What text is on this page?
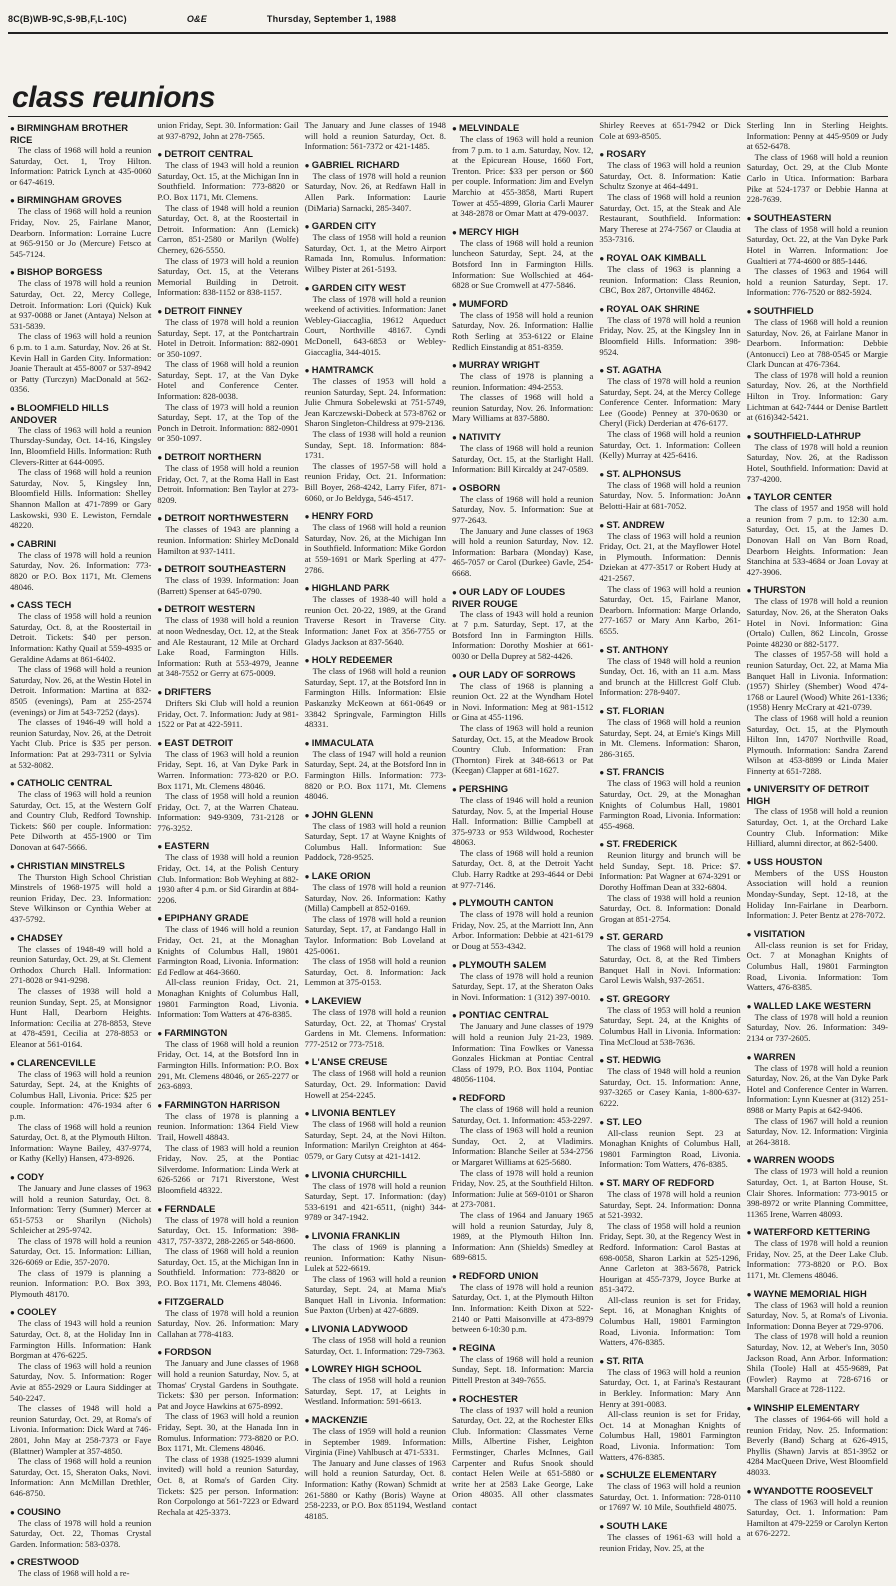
8C(B)WB-9C,S-9B,F,L-10C)	O&E	Thursday, September 1, 1988
class reunions
● BIRMINGHAM BROTHER RICE

The class of 1968 will hold a reunion Saturday, Oct. 1, Troy Hilton. Information: Patrick Lynch at 435-0060 or 647-4619.

● BIRMINGHAM GROVES

The class of 1968 will hold a reunion Friday, Nov. 25, Fairlane Manor, Dearborn. Information: Lorraine Lucre at 965-9150 or Jo (Mercure) Fetsco at 545-7124.

● BISHOP BORGESS

The class of 1978 will hold a reunion Saturday, Oct. 22, Mercy College, Detroit. Information: Lori (Quick) Kuk at 937-0088 or Janet (Antaya) Nelson at 531-5839.

The class of 1963 will hold a reunion 6 p.m. to 1 a.m. Saturday, Nov. 26 at St. Kevin Hall in Garden City. Information: Joanie Therault at 455-8007 or 537-8942 or Patty (Turczyn) MacDonald at 562-0356.

● BLOOMFIELD HILLS ANDOVER

The class of 1963 will hold a reunion Thursday-Sunday, Oct. 14-16, Kingsley Inn, Bloomfield Hills. Information: Ruth Clevers-Ritter at 644-0095.

The class of 1968 will hold a reunion Saturday, Nov. 5, Kingsley Inn, Bloomfield Hills. Information: Shelley Shannon Mallon at 471-7899 or Gary Laskowski, 930 E. Lewiston, Ferndale 48220.

● CABRINI

The class of 1978 will hold a reunion Saturday, Nov. 26. Information: 773-8820 or P.O. Box 1171, Mt. Clemens 48046.

● CASS TECH

The class of 1958 will hold a reunion Saturday, Oct. 8, at the Roostertail in Detroit. Tickets: $40 per person. Information: Kathy Quail at 559-4935 or Geraldine Adams at 861-6402.

The class of 1968 will hold a reunion Saturday, Nov. 26, at the Westin Hotel in Detroit. Information: Martina at 832-8505 (evenings), Pam at 255-2574 (evenings) or Jim at 543-7252 (days).

The classes of 1946-49 will hold a reunion Saturday, Nov. 26, at the Detroit Yacht Club. Price is $35 per person. Information: Pat at 293-7311 or Sylvia at 532-8082.

● CATHOLIC CENTRAL

The class of 1963 will hold a reunion Saturday, Oct. 15, at the Western Golf and Country Club, Redford Township. Tickets: $60 per couple. Information: Pete Dilworth at 455-1900 or Tim Donovan at 647-5666.

● CHRISTIAN MINSTRELS

The Thurston High School Christian Minstrels of 1968-1975 will hold a reunion Friday, Dec. 23. Information: Steve Wilkinson or Cynthia Weber at 437-5792.

● CHADSEY

The classes of 1948-49 will hold a reunion Saturday, Oct. 29, at St. Clement Orthodox Church Hall. Information: 271-8028 or 941-9298.

The classes of 1938 will hold a reunion Sunday, Sept. 25, at Monsignor Hunt Hall, Dearborn Heights. Information: Cecilia at 278-8853, Steve at 478-4591, Cecilia at 278-8853 or Eleanor at 561-0164.

● CLARENCEVILLE

The class of 1963 will hold a reunion Saturday, Sept. 24, at the Knights of Columbus Hall, Livonia. Price: $25 per couple. Information: 476-1934 after 6 p.m.

The class of 1968 will hold a reunion Saturday, Oct. 8, at the Plymouth Hilton. Information: Wayne Bailey, 437-9774, or Kathy (Kelly) Hansen, 473-8926.

● CODY

The January and June classes of 1963 will hold a reunion Saturday, Oct. 8. Information: Terry (Sumner) Mercer at 651-5753 or Sharilyn (Nichols) Schleicher at 295-9742.

The class of 1978 will hold a reunion Saturday, Oct. 15. Information: Lillian, 326-6069 or Edie, 357-2070.

The class of 1979 is planning a reunion. Information: P.O. Box 393, Plymouth 48170.

● COOLEY

The class of 1943 will hold a reunion Saturday, Oct. 8, at the Holiday Inn in Farmington Hills. Information: Hank Borgman at 476-6225.

The class of 1963 will hold a reunion Saturday, Nov. 5. Information: Roger Avie at 855-2929 or Laura Siddinger at 540-2247.

The classes of 1948 will hold a reunion Saturday, Oct. 29, at Roma's of Livonia. Information: Dick Ward at 746-2801, John May at 258-7373 or Faye (Blattner) Wampler at 357-4850.

The class of 1968 will hold a reunion Saturday, Oct. 15, Sheraton Oaks, Novi. Information: Ann McMillan Drethler, 646-8750.

● COUSINO

The class of 1978 will hold a reunion Saturday, Oct. 22, Thomas Crystal Garden. Information: 583-0378.

● CRESTWOOD

The class of 1968 will hold a re-

union Friday, Sept. 30. Information: Gail at 937-8792, John at 278-7565.

● DETROIT CENTRAL

The class of 1943 will hold a reunion Saturday, Oct. 15, at the Michigan Inn in Southfield. Information: 773-8820 or P.O. Box 1171, Mt. Clemens.

The class of 1948 will hold a reunion Saturday, Oct. 8, at the Roostertail in Detroit. Information: Ann (Lemick) Carron, 851-2580 or Marilyn (Wolfe) Cherney, 626-5550.

The class of 1973 will hold a reunion Saturday, Oct. 15, at the Veterans Memorial Building in Detroit. Information: 838-1152 or 838-1157.

● DETROIT FINNEY

The class of 1978 will hold a reunion Saturday, Sept. 17, at the Pontchartrain Hotel in Detroit. Information: 882-0901 or 350-1097.

The class of 1968 will hold a reunion Saturday, Sept. 17, at the Van Dyke Hotel and Conference Center. Information: 828-0038.

The class of 1973 will hold a reunion Saturday, Sept. 17, at the Top of the Ponch in Detroit. Information: 882-0901 or 350-1097.

● DETROIT NORTHERN

The class of 1958 will hold a reunion Friday, Oct. 7, at the Roma Hall in East Detroit. Information: Ben Taylor at 273-8209.

● DETROIT NORTHWESTERN

The classes of 1943 are planning a reunion. Information: Shirley McDonald Hamilton at 937-1411.

● DETROIT SOUTHEASTERN

The class of 1939. Information: Joan (Barrett) Spenser at 645-0790.

● DETROIT WESTERN

The class of 1938 will hold a reunion at noon Wednesday, Oct. 12, at the Steak and Ale Restaurant, 12 Mile at Orchard Lake Road, Farmington Hills. Information: Ruth at 553-4979, Jeanne at 348-7552 or Gerry at 675-0009.

● DRIFTERS

Drifters Ski Club will hold a reunion Friday, Oct. 7. Information: Judy at 981-1522 or Pat at 422-5911.

● EAST DETROIT

The class of 1963 will hold a reunion Friday, Sept. 16, at Van Dyke Park in Warren. Information: 773-820 or P.O. Box 1171, Mt. Clemens 48046.

The class of 1958 will hold a reunion Friday, Oct. 7, at the Warren Chateau. Information: 949-9309, 731-2128 or 776-3252.

● EASTERN

The class of 1938 will hold a reunion Friday, Oct. 14, at the Polish Century Club. Information: Bob Weyhing at 882-1930 after 4 p.m. or Sid Girardin at 884-2206.

● EPIPHANY GRADE

The class of 1946 will hold a reunion Friday, Oct. 21, at the Monaghan Knights of Columbus Hall, 19801 Farmington Road, Livonia. Information: Ed Fedlow at 464-3660.

All-class reunion Friday, Oct. 21, Monaghan Knights of Columbus Hall, 19801 Farmington Road, Livonia. Information: Tom Watters at 476-8385.

● FARMINGTON

The class of 1968 will hold a reunion Friday, Oct. 14, at the Botsford Inn in Farmington Hills. Information: P.O. Box 291, Mt. Clemens 48046, or 265-2277 or 263-6893.

● FARMINGTON HARRISON

The class of 1978 is planning a reunion. Information: 1364 Field View Trail, Howell 48843.

The class of 1983 will hold a reunion Friday, Nov. 25, at the Pontiac Silverdome. Information: Linda Werk at 626-5266 or 7171 Riverstone, West Bloomfield 48322.

● FERNDALE

The class of 1978 will hold a reunion Saturday, Oct. 15. Information: 398-4317, 757-3372, 288-2265 or 548-8600.

The class of 1968 will hold a reunion Saturday, Oct. 15, at the Michigan Inn in Southfield. Information: 773-8820 or P.O. Box 1171, Mt. Clemens 48046.

● FITZGERALD

The class of 1978 will hold a reunion Saturday, Nov. 26. Information: Mary Callahan at 778-4183.

● FORDSON

The January and June classes of 1968 will hold a reunion Saturday, Nov. 5, at Thomas' Crystal Gardens in Southgate. Tickets: $30 per person. Information: Pat and Joyce Hawkins at 675-8992.

The class of 1963 will hold a reunion Friday, Sept. 30, at the Hanada Inn in Romulus. Information: 773-8820 or P.O. Box 1171, Mt. Clemens 48046.

The class of 1938 (1925-1939 alumni invited) will hold a reunion Saturday, Oct. 8, at Roma's of Garden City. Tickets: $25 per person. Information: Ron Corpolongo at 561-7223 or Edward Rechala at 425-3373.

The January and June classes of 1948 will hold a reunion Saturday, Oct. 8. Information: 561-7372 or 421-1485.

● GABRIEL RICHARD

The class of 1978 will hold a reunion Saturday, Nov. 26, at Redfawn Hall in Allen Park. Information: Laurie (DiMaria) Sarnacki, 285-3407.

● GARDEN CITY

The class of 1958 will hold a reunion Saturday, Oct. 1, at the Metro Airport Ramada Inn, Romulus. Information: Wilbey Pister at 261-5193.

● GARDEN CITY WEST

The class of 1978 will hold a reunion weekend of activities. Information: Janet Webley-Giaccaglia, 19612 Aqueduct Court, Northville 48167. Cyndi McDonell, 643-6853 or Webley-Giaccaglia, 344-4015.

● HAMTRAMCK

The classes of 1953 will hold a reunion Saturday, Sept. 24. Information: Julie Chmura Sobelewski at 751-5749, Jean Karczewski-Dobeck at 573-8762 or Sharon Singleton-Childress at 979-2136.

The class of 1938 will hold a reunion Sunday, Sept. 18. Information: 884-1731.

The classes of 1957-58 will hold a reunion Friday, Oct. 21. Information: Bill Boyer, 268-4242, Larry Fifer, 871-6060, or Jo Beldyga, 546-4517.

● HENRY FORD

The class of 1968 will hold a reunion Saturday, Nov. 26, at the Michigan Inn in Southfield. Information: Mike Gordon at 559-1691 or Mark Sperling at 477-2786.

● HIGHLAND PARK

The classes of 1938-40 will hold a reunion Oct. 20-22, 1989, at the Grand Traverse Resort in Traverse City. Information: Janet Fox at 356-7755 or Gladys Jackson at 837-5640.

● HOLY REDEEMER

The class of 1968 will hold a reunion Saturday, Sept. 17, at the Botsford Inn in Farmington Hills. Information: Elsie Paskanzky McKeown at 661-0649 or 33842 Springvale, Farmington Hills 48331.

● IMMACULATA

The class of 1947 will hold a reunion Saturday, Sept. 24, at the Botsford Inn in Farmington Hills. Information: 773-8820 or P.O. Box 1171, Mt. Clemens 48046.

● JOHN GLENN

The class of 1983 will hold a reunion Saturday, Sept. 17 at Wayne Knights of Columbus Hall. Information: Sue Paddock, 728-9525.

● LAKE ORION

The class of 1978 will hold a reunion Saturday, Nov. 26. Information: Kathy (Milla) Campbell at 852-0169.

The class of 1978 will hold a reunion Saturday, Sept. 17, at Fandango Hall in Taylor. Information: Bob Loveland at 425-0061.

The class of 1958 will hold a reunion Saturday, Oct. 8. Information: Jack Lemmon at 375-0153.

● LAKEVIEW

The class of 1978 will hold a reunion Saturday, Oct. 22, at Thomas' Crystal Gardens in Mt. Clemens. Information: 777-2512 or 773-7518.

● L'ANSE CREUSE

The class of 1968 will hold a reunion Saturday, Oct. 29. Information: David Howell at 254-2245.

● LIVONIA BENTLEY

The class of 1968 will hold a reunion Saturday, Sept. 24, at the Novi Hilton. Information: Marilyn Creighton at 464-0579, or Gary Cutsy at 421-1412.

● LIVONIA CHURCHILL

The class of 1978 will hold a reunion Saturday, Sept. 17. Information: (day) 533-6191 and 421-6511, (night) 344-9789 or 347-1942.

● LIVONIA FRANKLIN

The class of 1969 is planning a reunion. Information: Kathy Nisun-Lulek at 522-6619.

The class of 1963 will hold a reunion Saturday, Sept. 24, at Mama Mia's Banquet Hall in Livonia. Information: Sue Paxton (Urben) at 427-6889.

● LIVONIA LADYWOOD

The class of 1958 will hold a reunion Saturday, Oct. 1. Information: 729-7363.

● LOWREY HIGH SCHOOL

The class of 1958 will hold a reunion Saturday, Sept. 17, at Leights in Westland. Information: 591-6613.

● MACKENZIE

The class of 1959 will hold a reunion in September 1989. Information: Virginia (Fine) Vahlbusch at 471-5331.

The January and June classes of 1963 will hold a reunion Saturday, Oct. 8. Information: Kathy (Rowan) Schmidt at 261-5880 or Kathy (Boris) Wayne at 258-2233, or P.O. Box 851194, Westland 48185.

● MELVINDALE

The class of 1963 will hold a reunion from 7 p.m. to 1 a.m. Saturday, Nov. 12, at the Epicurean House, 1660 Fort, Trenton. Price: $33 per person or $60 per couple. Information: Jim and Evelyn Marchio at 455-3858, Marti Rupert Tower at 455-4899, Gloria Carli Maurer at 348-2878 or Omar Matt at 479-0037.

● MERCY HIGH

The class of 1968 will hold a reunion luncheon Saturday, Sept. 24, at the Botsford Inn in Farmington Hills. Information: Sue Wollschied at 464-6828 or Sue Cromwell at 477-5846.

● MUMFORD

The class of 1958 will hold a reunion Saturday, Nov. 26. Information: Hallie Roth Serling at 353-6122 or Elaine Redlich Einstandig at 851-8359.

● MURRAY WRIGHT

The class of 1978 is planning a reunion. Information: 494-2553.

The classes of 1968 will hold a reunion Saturday, Nov. 26. Information: Mary Williams at 837-5880.

● NATIVITY

The class of 1968 will hold a reunion Saturday, Oct. 15, at the Starlight Hall. Information: Bill Kircaldy at 247-0589.

● OSBORN

The class of 1968 will hold a reunion Saturday, Nov. 5. Information: Sue at 977-2643.

The January and June classes of 1963 will hold a reunion Saturday, Nov. 12. Information: Barbara (Monday) Kase, 465-7057 or Carol (Durkee) Gavle, 254-6668.

● OUR LADY OF LOUDES RIVER ROUGE

The class of 1943 will hold a reunion at 7 p.m. Saturday, Sept. 17, at the Botsford Inn in Farmington Hills. Information: Dorothy Moshier at 661-0030 or Della Duprey at 582-4426.

● OUR LADY OF SORROWS

The class of 1968 is planning a reunion Oct. 22 at the Wyndham Hotel in Novi. Information: Meg at 981-1512 or Gina at 455-1196.

The class of 1963 will hold a reunion Saturday, Oct. 15, at the Meadow Brook Country Club. Information: Fran (Thornton) Firek at 348-6613 or Pat (Keegan) Clapper at 681-1627.

● PERSHING

The class of 1946 will hold a reunion Saturday, Nov. 5, at the Imperial House Hall. Information: Billie Campbell at 375-9733 or 953 Wildwood, Rochester 48063.

The class of 1968 will hold a reunion Saturday, Oct. 8, at the Detroit Yacht Club. Harry Radtke at 293-4644 or Debi at 977-7146.

● PLYMOUTH CANTON

The class of 1978 will hold a reunion Friday, Nov. 25, at the Marriott Inn, Ann Arbor. Information: Debbie at 421-6179 or Doug at 553-4342.

● PLYMOUTH SALEM

The class of 1978 will hold a reunion Saturday, Sept. 17, at the Sheraton Oaks in Novi. Information: 1 (312) 397-0010.

● PONTIAC CENTRAL

The January and June classes of 1979 will hold a reunion July 21-23, 1989. Information: Tina Fowlkes or Vanessa Gonzales Hickman at Pontiac Central Class of 1979, P.O. Box 1104, Pontiac 48056-1104.

● REDFORD

The class of 1968 will hold a reunion Saturday, Oct. 1. Information: 453-2297.

The class of 1963 will hold a reunion Sunday, Oct. 2, at Vladimirs. Information: Blanche Seiler at 534-2756 or Margaret Williams at 625-5680.

The class of 1978 will hold a reunion Friday, Nov. 25, at the Southfield Hilton. Information: Julie at 569-0101 or Sharon at 273-7081.

The class of 1964 and January 1965 will hold a reunion Saturday, July 8, 1989, at the Plymouth Hilton Inn. Information: Ann (Shields) Smedley at 689-6815.

● REDFORD UNION

The class of 1978 will hold a reunion Saturday, Oct. 1, at the Plymouth Hilton Inn. Information: Keith Dixon at 522-2140 or Patti Maisonville at 473-8979 between 6-10:30 p.m.

● REGINA

The class of 1968 will hold a reunion Sunday, Sept. 18. Information: Marcia Pittell Preston at 349-7655.

● ROCHESTER

The class of 1937 will hold a reunion Saturday, Oct. 22, at the Rochester Elks Club. Information: Classmates Verne Mills, Albertine Fisher, Leighton Fermstinger, Charles McInnes, Gail Carpenter and Rufus Snook should contact Helen Weile at 651-5880 or write her at 2583 Lake George, Lake Orion 48035. All other classmates contact

Shirley Reeves at 651-7942 or Dick Cole at 693-8505.

● ROSARY

The class of 1963 will hold a reunion Saturday, Oct. 8. Information: Katie Schultz Szonye at 464-4491.

The class of 1968 will hold a reunion Saturday, Oct. 15, at the Steak and Ale Restaurant, Southfield. Information: Mary Therese at 274-7567 or Claudia at 353-7316.

● ROYAL OAK KIMBALL

The class of 1963 is planning a reunion. Information: Class Reunion, CBC, Box 287, Ortonville 48462.

● ROYAL OAK SHRINE

The class of 1978 will hold a reunion Friday, Nov. 25, at the Kingsley Inn in Bloomfield Hills. Information: 398-9524.

● ST. AGATHA

The class of 1978 will hold a reunion Saturday, Sept. 24, at the Mercy College Conference Center. Information: Mary Lee (Goode) Penney at 370-0630 or Cheryl (Fick) Derderian at 476-6177.

The class of 1968 will hold a reunion Saturday, Oct. 1. Information: Colleen (Kelly) Murray at 425-6416.

● ST. ALPHONSUS

The class of 1968 will hold a reunion Saturday, Nov. 5. Information: JoAnn Belotti-Hair at 681-7052.

● ST. ANDREW

The class of 1963 will hold a reunion Friday, Oct. 21, at the Mayflower Hotel in Plymouth. Information: Dennis Dziekan at 477-3517 or Robert Hudy at 421-2567.

The class of 1963 will hold a reunion Saturday, Oct. 15, Fairlane Manor, Dearborn. Information: Marge Orlando, 277-1657 or Mary Ann Karbo, 261-6555.

● ST. ANTHONY

The class of 1948 will hold a reunion Sunday, Oct. 16, with an 11 a.m. Mass and brunch at the Hillcrest Golf Club. Information: 278-9407.

● ST. FLORIAN

The class of 1968 will hold a reunion Saturday, Sept. 24, at Ernie's Kings Mill in Mt. Clemens. Information: Sharon, 286-3165.

● ST. FRANCIS

The class of 1963 will hold a reunion Saturday, Oct. 29, at the Monaghan Knights of Columbus Hall, 19801 Farmington Road, Livonia. Information: 455-4968.

● ST. FREDERICK

Reunion liturgy and brunch will be held Sunday, Sept. 18. Price: $7. Information: Pat Wagner at 674-3291 or Dorothy Hoffman Dean at 332-6804.

The class of 1938 will hold a reunion Saturday, Oct. 8. Information: Donald Grogan at 851-2754.

● ST. GERARD

The class of 1968 will hold a reunion Saturday, Oct. 8, at the Red Timbers Banquet Hall in Novi. Information: Carol Lewis Walsh, 937-2651.

● ST. GREGORY

The class of 1953 will hold a reunion Saturday, Sept. 24, at the Knights of Columbus Hall in Livonia. Information: Tina McCloud at 538-7636.

● ST. HEDWIG

The class of 1948 will hold a reunion Saturday, Oct. 15. Information: Anne, 937-3265 or Casey Kania, 1-800-637-6222.

● ST. LEO

All-class reunion Sept. 23 at Monaghan Knights of Columbus Hall, 19801 Farmington Road, Livonia. Information: Tom Watters, 476-8385.

● ST. MARY OF REDFORD

The class of 1978 will hold a reunion Saturday, Sept. 24. Information: Donna at 521-3932.

The class of 1958 will hold a reunion Friday, Sept. 30, at the Regency West in Redford. Information: Carol Bastas at 698-0058, Sharon Larkin at 525-1296, Anne Carleton at 383-5678, Patrick Hourigan at 455-7379, Joyce Burke at 851-3472.

All-class reunion is set for Friday, Sept. 16, at Monaghan Knights of Columbus Hall, 19801 Farmington Road, Livonia. Information: Tom Watters, 476-8385.

● ST. RITA

The class of 1963 will hold a reunion Saturday, Oct. 1, at Farina's Restaurant in Berkley. Information: Mary Ann Henry at 391-0083.

All-class reunion is set for Friday, Oct. 14 at Monaghan Knights of Columbus Hall, 19801 Farmington Road, Livonia. Information: Tom Watters, 476-8385.

● SCHULZE ELEMENTARY

The class of 1963 will hold a reunion Saturday, Oct. 1. Information: 728-0110 or 17697 W. 10 Mile, Southfield 48075.

● SOUTH LAKE

The classes of 1961-63 will hold a reunion Friday, Nov. 25, at the

Sterling Inn in Sterling Heights. Information: Penny at 445-9509 or Judy at 652-6478.

The class of 1968 will hold a reunion Saturday, Oct. 29, at the Club Monte Carlo in Utica. Information: Barbara Pike at 524-1737 or Debbie Hanna at 228-7639.

● SOUTHEASTERN

The class of 1958 will hold a reunion Saturday, Oct. 22, at the Van Dyke Park Hotel in Warren. Information: Joe Gualtieri at 774-4600 or 885-1446.

The classes of 1963 and 1964 will hold a reunion Saturday, Sept. 17. Information: 776-7520 or 882-5924.

● SOUTHFIELD

The class of 1968 will hold a reunion Saturday, Nov. 26, at Fairlane Manor in Dearborn. Information: Debbie (Antonucci) Leo at 788-0545 or Margie Clark Duncan at 476-7364.

The class of 1978 will hold a reunion Saturday, Nov. 26, at the Northfield Hilton in Troy. Information: Gary Lichtman at 642-7444 or Denise Bartlett at (616)342-5421.

● SOUTHFIELD-LATHRUP

The class of 1978 will hold a reunion Saturday, Nov. 26, at the Radisson Hotel, Southfield. Information: David at 737-4200.

● TAYLOR CENTER

The class of 1957 and 1958 will hold a reunion from 7 p.m. to 12:30 a.m. Saturday, Oct. 15, at the James D. Donovan Hall on Van Born Road, Dearborn Heights. Information: Jean Stanchina at 533-4684 or Joan Lovay at 427-3906.

● THURSTON

The class of 1978 will hold a reunion Saturday, Nov. 26, at the Sheraton Oaks Hotel in Novi. Information: Gina (Ortalo) Cullen, 862 Lincoln, Grosse Pointe 48230 or 882-5177.

The classes of 1957-58 will hold a reunion Saturday, Oct. 22, at Mama Mia Banquet Hall in Livonia. Information: (1957) Shirley (Shember) Wood 474-1768 or Laurel (Wood) White 261-1336; (1958) Henry McCrary at 421-0739.

The class of 1968 will hold a reunion Saturday, Oct. 15, at the Plymouth Hilton Inn, 14707 Northville Road, Plymouth. Information: Sandra Zarend Wilson at 453-8899 or Linda Maier Finnerty at 651-7288.

● UNIVERSITY OF DETROIT HIGH

The class of 1958 will hold a reunion Saturday, Oct. 1, at the Orchard Lake Country Club. Information: Mike Hilliard, alumni director, at 862-5400.

● USS HOUSTON

Members of the USS Houston Association will hold a reunion Monday-Sunday, Sept. 12-18, at the Holiday Inn-Fairlane in Dearborn. Information: J. Peter Bentz at 278-7072.

● VISITATION

All-class reunion is set for Friday, Oct. 7 at Monaghan Knights of Columbus Hall, 19801 Farmington Road, Livonia. Information: Tom Watters, 476-8385.

● WALLED LAKE WESTERN

The class of 1978 will hold a reunion Saturday, Nov. 26. Information: 349-2134 or 737-2605.

● WARREN

The class of 1978 will hold a reunion Saturday, Nov. 26, at the Van Dyke Park Hotel and Conference Center in Warren. Information: Lynn Kuesner at (312) 251-8988 or Marty Papis at 642-9406.

The class of 1967 will hold a reunion Saturday, Nov. 12. Information: Virginia at 264-3818.

● WARREN WOODS

The class of 1973 will hold a reunion Saturday, Oct. 1, at Barton House, St. Clair Shores. Information: 773-9015 or 398-8972 or write Planning Committee, 11365 Irene, Warren 48093.

● WATERFORD KETTERING

The class of 1978 will hold a reunion Friday, Nov. 25, at the Deer Lake Club. Information: 773-8820 or P.O. Box 1171, Mt. Clemens 48046.

● WAYNE MEMORIAL HIGH

The class of 1963 will hold a reunion Saturday, Nov. 5, at Roma's of Livonia. Information: Donna Beyer at 729-9706.

The class of 1978 will hold a reunion Saturday, Nov. 12, at Weber's Inn, 3050 Jackson Road, Ann Arbor. Information: Shila (Toole) Hall at 455-9689, Pat (Fowler) Raymo at 728-6716 or Marshall Grace at 728-1122.

● WINSHIP ELEMENTARY

The classes of 1964-66 will hold a reunion Friday, Nov. 25. Information: Beverly (Band) Scharg at 626-4915, Phyllis (Shawn) Jarvis at 851-3952 or 4284 MacQueen Drive, West Bloomfield 48033.

● WYANDOTTE ROOSEVELT

The class of 1963 will hold a reunion Saturday, Oct. 1. Information: Pam Hamilton at 479-2259 or Carolyn Kerton at 676-2272.
